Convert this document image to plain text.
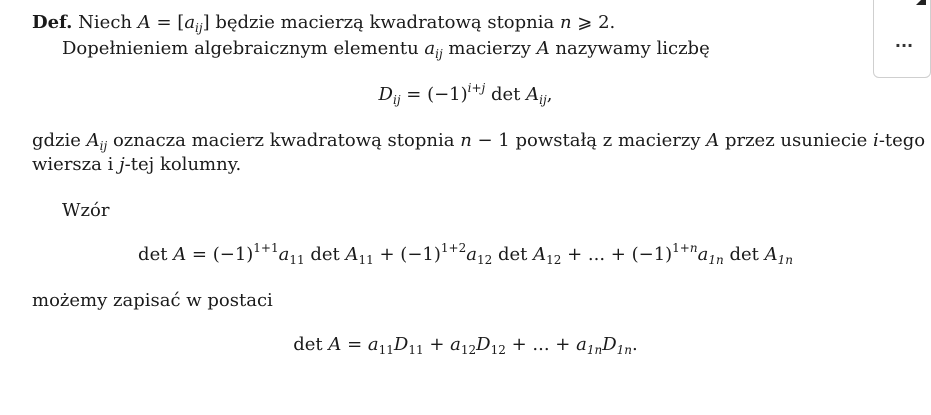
···
Def. Niech $A = [a_{ij}]$ będzie macierzą kwadratową stopnia n ⩾ 2.
Dopełnieniem algebraicznym elementu $a_{ij}$ macierzy A nazywamy liczbę
$D_{ij} = (-1)^{i+j}$ $\det A_{ij}$,
gdzie $A_{ij}$ oznacza macierz kwadratową stopnia n − 1 powstałą z macierzy A przez usuniecie i-tego
wiersza i j-tej kolumny.
Wzór
$\det A = (-1)^{1+1}a_{11}$ $\det A_{11} + (-1)^{1+2}a_{12}$ $\det A_{12}$ + ... + $(-1)^{1+n}a_{1n}$ $\det A_{1n}$
możemy zapisać w postaci
$\det A = a_{11}D_{11} + a_{12}D_{12}$ + ... + $a_{1n}D_{1n}$.
